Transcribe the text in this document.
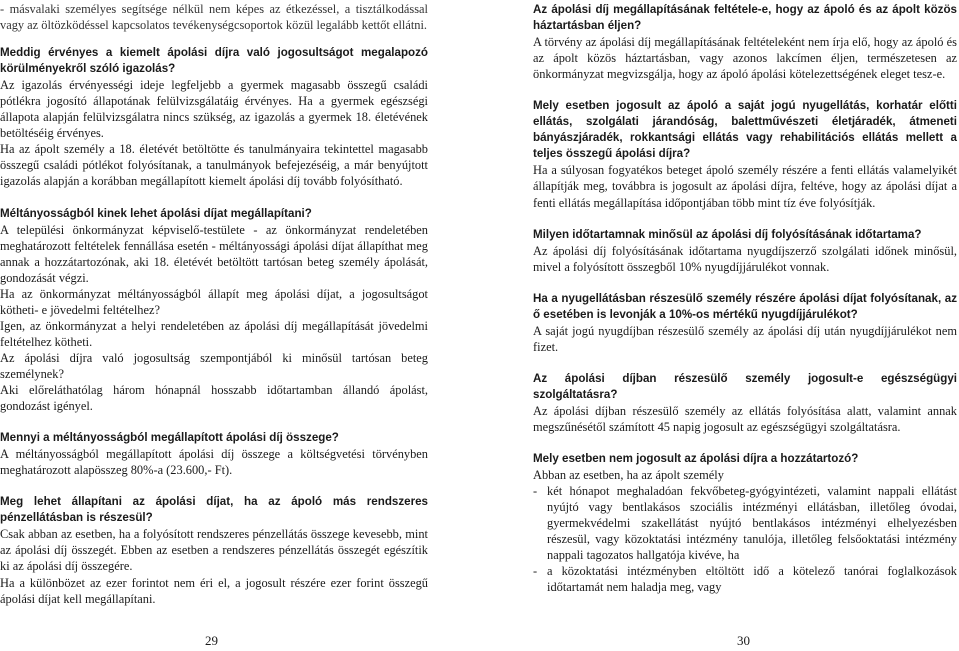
- másvalaki személyes segítsége nélkül nem képes az étkezéssel, a tisztálkodással vagy az öltözködéssel kapcsolatos tevékenységcsoportok közül legalább kettőt ellátni.

Meddig érvényes a kiemelt ápolási díjra való jogosultságot megalapozó körülményekről szóló igazolás?

Az igazolás érvényességi ideje legfeljebb a gyermek magasabb összegű családi pótlékra jogosító állapotának felülvizsgálatáig érvényes. Ha a gyermek egészségi állapota alapján felülvizsgálatra nincs szükség, az igazolás a gyermek 18. életévének betöltéséig érvényes.

Ha az ápolt személy a 18. életévét betöltötte és tanulmányaira tekintettel magasabb összegű családi pótlékot folyósítanak, a tanulmányok befejezéséig, a már benyújtott igazolás alapján a korábban megállapított kiemelt ápolási díj tovább folyósítható.

Méltányosságból kinek lehet ápolási díjat megállapítani?

A települési önkormányzat képviselő-testülete - az önkormányzat rendeletében meghatározott feltételek fennállása esetén - méltányossági ápolási díjat állapíthat meg annak a hozzátartozónak, aki 18. életévét betöltött tartósan beteg személy ápolását, gondozását végzi.

Ha az önkormányzat méltányosságból állapít meg ápolási díjat, a jogosultságot kötheti- e jövedelmi feltételhez?

Igen, az önkormányzat a helyi rendeletében az ápolási díj megállapítását jövedelmi feltételhez kötheti.

Az ápolási díjra való jogosultság szempontjából ki minősül tartósan beteg személynek?

Aki előreláthatólag három hónapnál hosszabb időtartamban állandó ápolást, gondozást igényel.

Mennyi a méltányosságból megállapított ápolási díj összege?

A méltányosságból megállapított ápolási díj összege a költségvetési törvényben meghatározott alapösszeg 80%-a (23.600,- Ft).

Meg lehet állapítani az ápolási díjat, ha az ápoló más rendszeres pénzellátásban is részesül?

Csak abban az esetben, ha a folyósított rendszeres pénzellátás összege kevesebb, mint az ápolási díj összegét. Ebben az esetben a rendszeres pénzellátás összegét egészítik ki az ápolási díj összegére.

Ha a különbözet az ezer forintot nem éri el, a jogosult részére ezer forint összegű ápolási díjat kell megállapítani.

29

Az ápolási díj megállapításának feltétele-e, hogy az ápoló és az ápolt közös háztartásban éljen?

A törvény az ápolási díj megállapításának feltételeként nem írja elő, hogy az ápoló és az ápolt közös háztartásban, vagy azonos lakcímen éljen, természetesen az önkormányzat megvizsgálja, hogy az ápoló ápolási kötelezettségének eleget tesz-e.

Mely esetben jogosult az ápoló a saját jogú nyugellátás, korhatár előtti ellátás, szolgálati járandóság, balettművészeti életjáradék, átmeneti bányászjáradék, rokkantsági ellátás vagy rehabilitációs ellátás mellett a teljes összegű ápolási díjra?

Ha a súlyosan fogyatékos beteget ápoló személy részére a fenti ellátás valamelyikét állapítják meg, továbbra is jogosult az ápolási díjra, feltéve, hogy az ápolási díjat a fenti ellátás megállapítása időpontjában több mint tíz éve folyósítják.

Milyen időtartamnak minősül az ápolási díj folyósításának időtartama?

Az ápolási díj folyósításának időtartama nyugdíjszerző szolgálati időnek minősül, mivel a folyósított összegből 10% nyugdíjjárulékot vonnak.

Ha a nyugellátásban részesülő személy részére ápolási díjat folyósítanak, az ő esetében is levonják a 10%-os mértékű nyugdíjjárulékot?

A saját jogú nyugdíjban részesülő személy az ápolási díj után nyugdíjjárulékot nem fizet.

Az ápolási díjban részesülő személy jogosult-e egészségügyi szolgáltatásra?

Az ápolási díjban részesülő személy az ellátás folyósítása alatt, valamint annak megszűnésétől számított 45 napig jogosult az egészségügyi szolgáltatásra.

Mely esetben nem jogosult az ápolási díjra a hozzátartozó?

Abban az esetben, ha az ápolt személy

- két hónapot meghaladóan fekvőbeteg-gyógyintézeti, valamint nappali ellátást nyújtó vagy bentlakásos szociális intézményi ellátásban, illetőleg óvodai, gyermekvédelmi szakellátást nyújtó bentlakásos intézményi elhelyezésben részesül, vagy közoktatási intézmény tanulója, illetőleg felsőoktatási intézmény nappali tagozatos hallgatója kivéve, ha
- a közoktatási intézményben eltöltött idő a kötelező tanórai foglalkozások időtartamát nem haladja meg, vagy
30
